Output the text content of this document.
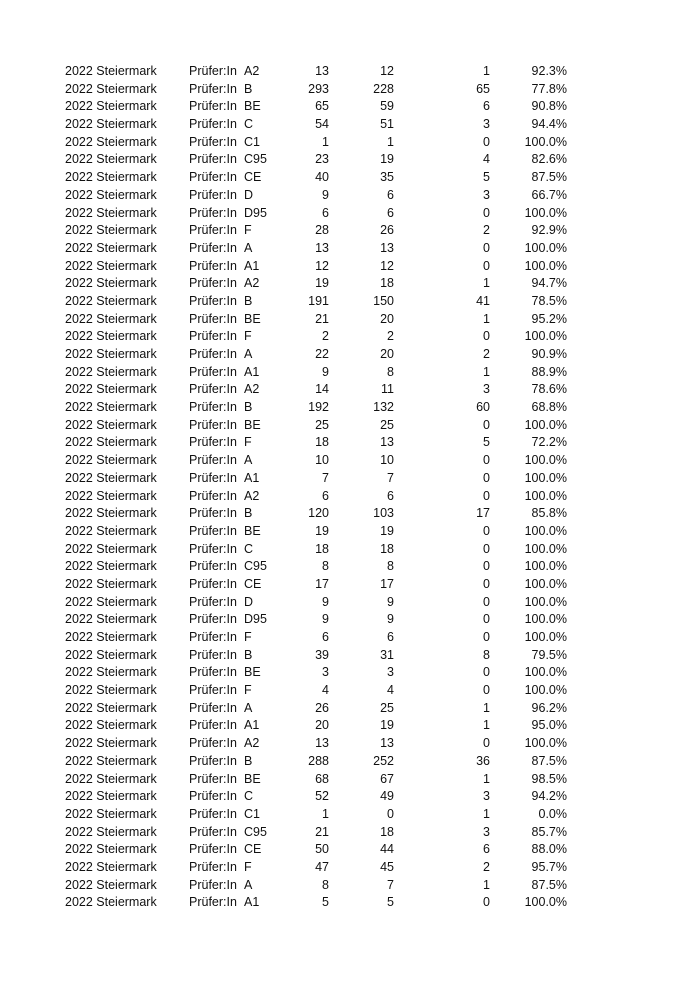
2022 Steiermark	Prüfer:In A2	13	12	1	92.3%
2022 Steiermark	Prüfer:In B	293	228	65	77.8%
2022 Steiermark	Prüfer:In BE	65	59	6	90.8%
2022 Steiermark	Prüfer:In C	54	51	3	94.4%
2022 Steiermark	Prüfer:In C1	1	1	0	100.0%
2022 Steiermark	Prüfer:In C95	23	19	4	82.6%
2022 Steiermark	Prüfer:In CE	40	35	5	87.5%
2022 Steiermark	Prüfer:In D	9	6	3	66.7%
2022 Steiermark	Prüfer:In D95	6	6	0	100.0%
2022 Steiermark	Prüfer:In F	28	26	2	92.9%
2022 Steiermark	Prüfer:In A	13	13	0	100.0%
2022 Steiermark	Prüfer:In A1	12	12	0	100.0%
2022 Steiermark	Prüfer:In A2	19	18	1	94.7%
2022 Steiermark	Prüfer:In B	191	150	41	78.5%
2022 Steiermark	Prüfer:In BE	21	20	1	95.2%
2022 Steiermark	Prüfer:In F	2	2	0	100.0%
2022 Steiermark	Prüfer:In A	22	20	2	90.9%
2022 Steiermark	Prüfer:In A1	9	8	1	88.9%
2022 Steiermark	Prüfer:In A2	14	11	3	78.6%
2022 Steiermark	Prüfer:In B	192	132	60	68.8%
2022 Steiermark	Prüfer:In BE	25	25	0	100.0%
2022 Steiermark	Prüfer:In F	18	13	5	72.2%
2022 Steiermark	Prüfer:In A	10	10	0	100.0%
2022 Steiermark	Prüfer:In A1	7	7	0	100.0%
2022 Steiermark	Prüfer:In A2	6	6	0	100.0%
2022 Steiermark	Prüfer:In B	120	103	17	85.8%
2022 Steiermark	Prüfer:In BE	19	19	0	100.0%
2022 Steiermark	Prüfer:In C	18	18	0	100.0%
2022 Steiermark	Prüfer:In C95	8	8	0	100.0%
2022 Steiermark	Prüfer:In CE	17	17	0	100.0%
2022 Steiermark	Prüfer:In D	9	9	0	100.0%
2022 Steiermark	Prüfer:In D95	9	9	0	100.0%
2022 Steiermark	Prüfer:In F	6	6	0	100.0%
2022 Steiermark	Prüfer:In B	39	31	8	79.5%
2022 Steiermark	Prüfer:In BE	3	3	0	100.0%
2022 Steiermark	Prüfer:In F	4	4	0	100.0%
2022 Steiermark	Prüfer:In A	26	25	1	96.2%
2022 Steiermark	Prüfer:In A1	20	19	1	95.0%
2022 Steiermark	Prüfer:In A2	13	13	0	100.0%
2022 Steiermark	Prüfer:In B	288	252	36	87.5%
2022 Steiermark	Prüfer:In BE	68	67	1	98.5%
2022 Steiermark	Prüfer:In C	52	49	3	94.2%
2022 Steiermark	Prüfer:In C1	1	0	1	0.0%
2022 Steiermark	Prüfer:In C95	21	18	3	85.7%
2022 Steiermark	Prüfer:In CE	50	44	6	88.0%
2022 Steiermark	Prüfer:In F	47	45	2	95.7%
2022 Steiermark	Prüfer:In A	8	7	1	87.5%
2022 Steiermark	Prüfer:In A1	5	5	0	100.0%
